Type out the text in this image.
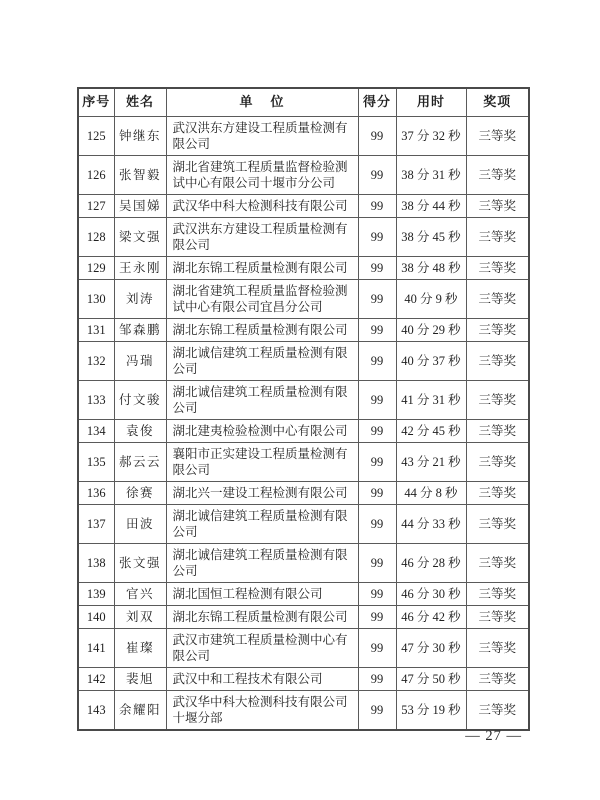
序号	姓名	单    位	得分	用时	奖项
125	钟继东	武汉洪东方建设工程质量检测有限公司	99	37 分 32 秒	三等奖
126	张智毅	湖北省建筑工程质量监督检验测试中心有限公司十堰市分公司	99	38 分 31 秒	三等奖
127	吴国娣	武汉华中科大检测科技有限公司	99	38 分 44 秒	三等奖
128	梁文强	武汉洪东方建设工程质量检测有限公司	99	38 分 45 秒	三等奖
129	王永刚	湖北东锦工程质量检测有限公司	99	38 分 48 秒	三等奖
130	刘涛	湖北省建筑工程质量监督检验测试中心有限公司宜昌分公司	99	40 分 9 秒	三等奖
131	邹森鹏	湖北东锦工程质量检测有限公司	99	40 分 29 秒	三等奖
132	冯瑞	湖北诚信建筑工程质量检测有限公司	99	40 分 37 秒	三等奖
133	付文骏	湖北诚信建筑工程质量检测有限公司	99	41 分 31 秒	三等奖
134	袁俊	湖北建夷检验检测中心有限公司	99	42 分 45 秒	三等奖
135	郝云云	襄阳市正实建设工程质量检测有限公司	99	43 分 21 秒	三等奖
136	徐赛	湖北兴一建设工程检测有限公司	99	44 分 8 秒	三等奖
137	田波	湖北诚信建筑工程质量检测有限公司	99	44 分 33 秒	三等奖
138	张文强	湖北诚信建筑工程质量检测有限公司	99	46 分 28 秒	三等奖
139	官兴	湖北国恒工程检测有限公司	99	46 分 30 秒	三等奖
140	刘双	湖北东锦工程质量检测有限公司	99	46 分 42 秒	三等奖
141	崔璨	武汉市建筑工程质量检测中心有限公司	99	47 分 30 秒	三等奖
142	裴旭	武汉中和工程技术有限公司	99	47 分 50 秒	三等奖
143	余耀阳	武汉华中科大检测科技有限公司十堰分部	99	53 分 19 秒	三等奖
— 27 —
